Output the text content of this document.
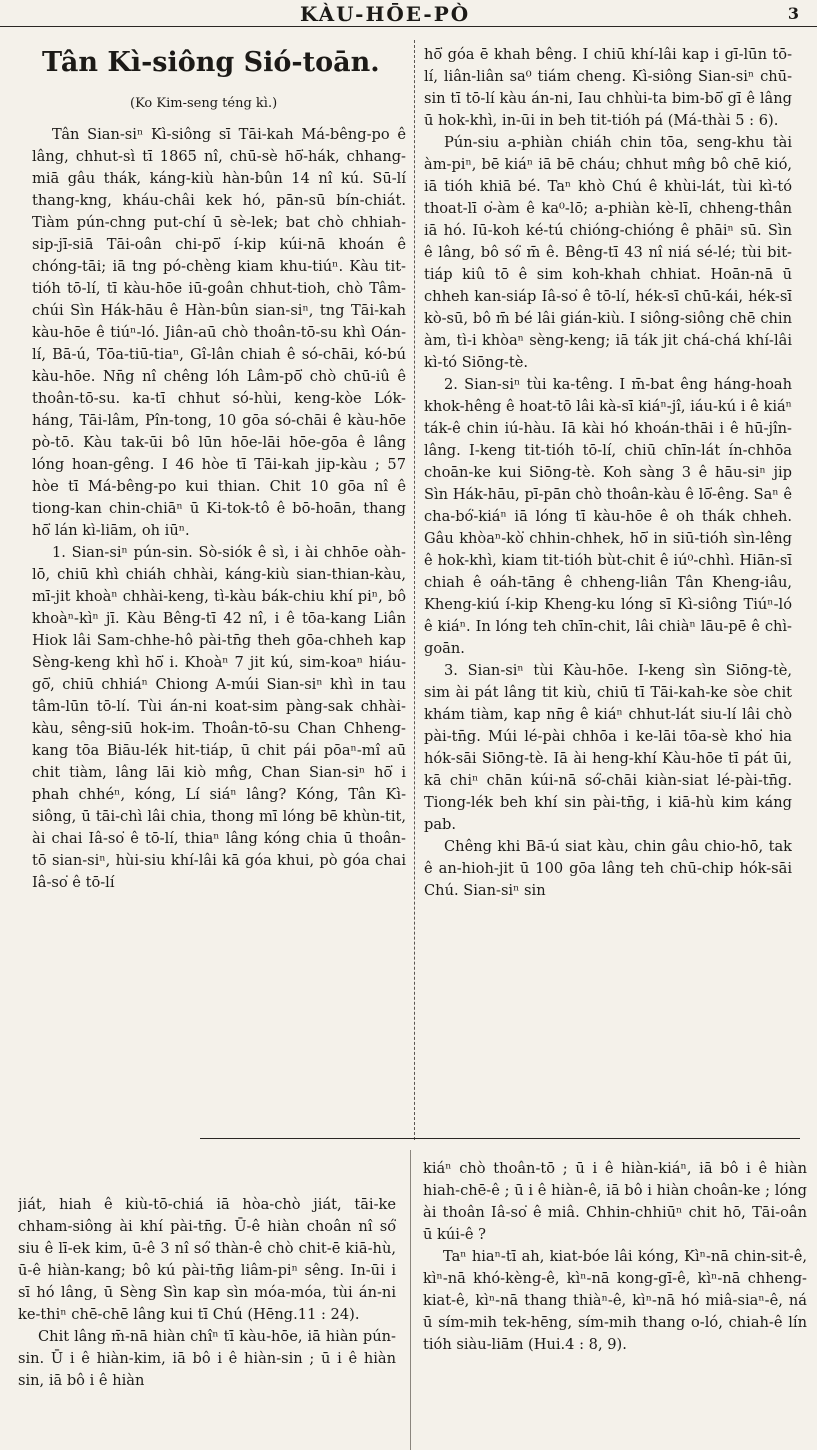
KÀU-HŌE-PÒ	3
Tân Kì-siông Sió-toān.
(Ko Kim-seng téng kì.)

Tân Sian-siⁿ Kì-siông sī Tāi-kah Má-bêng-po ê lâng, chhut-sì tī 1865 nî, chū-sè hō͘-hák, chhang-miā gâu thák, káng-kiù hàn-bûn 14 nî kú. Sū-lí thang-kng, kháu-châi kek hó, pān-sū bín-chiát. Tiàm pún-chng put-chí ū sè-lek; bat chò chhiah-sip-jī-siā Tāi-oân chi-pō͘ í-kip kúi-nā khoán ê chóng-tāi; iā tng pó-chèng kiam khu-tiúⁿ. Kàu tit-tióh tō-lí, tī kàu-hōe iū-goân chhut-tioh, chò Tâm-chúi Sìn Hák-hāu ê Hàn-bûn sian-siⁿ, tng Tāi-kah kàu-hōe ê tiúⁿ-ló. Jiân-aū chò thoân-tō-su khì Oán-lí, Bā-ú, Tōa-tiū-tiaⁿ, Gî-lân chiah ê só-chāi, kó-bú kàu-hōe. Nn̄g nî chêng lóh Lâm-pō͘ chò chū-iû ê thoân-tō-su. ka-tī chhut só-hùi, keng-kòe Lók-háng, Tāi-lâm, Pîn-tong, 10 gōa só-chāi ê kàu-hōe pò-tō. Kàu tak-ūi bô lūn hōe-lāi hōe-gōa ê lâng lóng hoan-gêng. I 46 hòe tī Tāi-kah jip-kàu ; 57 hòe tī Má-bêng-po kui thian. Chit 10 gōa nî ê tiong-kan chin-chiāⁿ ū Ki-tok-tô ê bō-hoān, thang hō͘ lán kì-liām, oh iūⁿ.

1. Sian-siⁿ pún-sin. Sò-siók ê sì, i ài chhōe oàh-lō, chiū khì chiáh chhài, káng-kiù sian-thian-kàu, mī-jit khoàⁿ chhài-keng, tì-kàu bák-chiu khí piⁿ, bô khoàⁿ-kìⁿ jī. Kàu Bêng-tī 42 nî, i ê tōa-kang Liân Hiok lâi Sam-chhe-hô pài-tn̄g theh gōa-chheh kap Sèng-keng khì hō͘ i. Khoàⁿ 7 jit kú, sim-koaⁿ hiáu-gō͘, chiū chhiáⁿ Chiong A-múi Sian-siⁿ khì in tau tâm-lūn tō-lí. Tùi án-ni koat-sim pàng-sak chhài-kàu, sêng-siū hok-im. Thoân-tō-su Chan Chheng-kang tōa Biāu-lék hit-tiáp, ū chit pái pōaⁿ-mî aū chit tiàm, lâng lāi kiò mn̂g, Chan Sian-siⁿ hō͘ i phah chhéⁿ, kóng, Lí siáⁿ lâng? Kóng, Tân Kì-siông, ū tāi-chì lâi chia, thong mī lóng bē khùn-tit, ài chai Iâ-so͘ ê tō-lí, thiaⁿ lâng kóng chia ū thoân-tō sian-siⁿ, hùi-siu khí-lâi kā góa khui, pò góa chai Iâ-so͘ ê tō-lí

hō͘ góa ē khah bêng. I chiū khí-lâi kap i gī-lūn tō-lí, liân-liân sa⁰ tiám cheng. Kì-siông Sian-siⁿ chū-sin tī tō-lí kàu án-ni, Iau chhùi-ta bim-bō͘ gī ê lâng ū hok-khì, in-ūi in beh tit-tióh pá (Má-thài 5 : 6).

Pún-siu a-phiàn chiáh chin tōa, seng-khu tài àm-piⁿ, bē kiáⁿ iā bē cháu; chhut mn̂g bô chē kió, iā tióh khiā bé. Taⁿ khò Chú ê khùi-lát, tùi kì-tó thoat-lī o͘-àm ê ka⁰-lō; a-phiàn kè-lī, chheng-thân iā hó. Iū-koh ké-tú chióng-chióng ê phāiⁿ sū. Sìn ê lâng, bô só͘ m̄ ê. Bêng-tī 43 nî niá sé-lé; tùi bit-tiáp kiû tō ê sim koh-khah chhiat. Hoān-nā ū chheh kan-siáp Iâ-so͘ ê tō-lí, hék-sī chū-kái, hék-sī kò-sū, bô m̄ bé lâi gián-kiù. I siông-siông chē chin àm, tì-i khòaⁿ sèng-keng; iā ták jit chá-chá khí-lâi kì-tó Siōng-tè.

2. Sian-siⁿ tùi ka-têng. I m̄-bat êng háng-hoah khok-hêng ê hoat-tō lâi kà-sī kiáⁿ-jî, iáu-kú i ê kiáⁿ ták-ê chin iú-hàu. Iā kài hó khoán-thāi i ê hū-jîn-lâng. I-keng tit-tióh tō-lí, chiū chīn-lát ín-chhōa choān-ke kui Siōng-tè. Koh sàng 3 ê hāu-siⁿ jip Sìn Hák-hāu, pī-pān chò thoân-kàu ê lō͘-êng. Saⁿ ê cha-bó͘-kiáⁿ iā lóng tī kàu-hōe ê oh thák chheh. Gâu khòaⁿ-kò͘ chhin-chhek, hō͘ in siū-tióh sìn-lêng ê hok-khì, kiam tit-tióh bùt-chit ê iú⁰-chhì. Hiān-sī chiah ê oáh-tāng ê chheng-liân Tân Kheng-iâu, Kheng-kiú í-kip Kheng-ku lóng sī Kì-siông Tiúⁿ-ló ê kiáⁿ. In lóng teh chīn-chit, lâi chiàⁿ lāu-pē ê chì-goān.

3. Sian-siⁿ tùi Kàu-hōe. I-keng sìn Siōng-tè, sim ài pát lâng tit kiù, chiū tī Tāi-kah-ke sòe chit khám tiàm, kap nn̄g ê kiáⁿ chhut-lát siu-lí lâi chò pài-tn̄g. Múi lé-pài chhōa i ke-lāi tōa-sè kho͘ hia hók-sāi Siōng-tè. Iā ài heng-khí Kàu-hōe tī pát ūi, kā chiⁿ chān kúi-nā só͘-chāi kiàn-siat lé-pài-tn̄g. Tiong-lék beh khí sin pài-tn̄g, i kiā-hù kim káng pab.

Chêng khi Bā-ú siat kàu, chin gâu chio-hō, tak ê an-hioh-jit ū 100 gōa lâng teh chū-chip hók-sāi Chú. Sian-siⁿ sin

jiát, hiah ê kiù-tō-chiá iā hòa-chò jiát, tāi-ke chham-siông ài khí pài-tn̄g. Ū-ê hiàn choân nî só͘ siu ê lī-ek kim, ū-ê 3 nî só͘ thàn-ê chò chit-ē kiā-hù, ū-ê hiàn-kang; bô kú pài-tn̄g liâm-piⁿ sêng. In-ūi i sī hó lâng, ū Sèng Sìn kap sìn móa-móa, tùi án-ni ke-thiⁿ chē-chē lâng kui tī Chú (Hēng.11 : 24).

Chit lâng m̄-nā hiàn chîⁿ tī kàu-hōe, iā hiàn pún-sin. Ū i ê hiàn-kim, iā bô i ê hiàn-sin ; ū i ê hiàn sin, iā bô i ê hiàn

kiáⁿ chò thoân-tō ; ū i ê hiàn-kiáⁿ, iā bô i ê hiàn hiah-chē-ê ; ū i ê hiàn-ê, iā bô i hiàn choân-ke ; lóng ài thoân Iâ-so͘ ê miâ. Chhin-chhiūⁿ chit hō, Tāi-oân ū kúi-ê ?

Taⁿ hiaⁿ-tī ah, kiat-bóe lâi kóng, Kìⁿ-nā chin-sit-ê, kìⁿ-nā khó-kèng-ê, kìⁿ-nā kong-gī-ê, kìⁿ-nā chheng-kiat-ê, kìⁿ-nā thang thiàⁿ-ê, kìⁿ-nā hó miâ-siaⁿ-ê, ná ū sím-mih tek-hēng, sím-mih thang o-ló, chiah-ê lín tióh siàu-liām (Hui.4 : 8, 9).
